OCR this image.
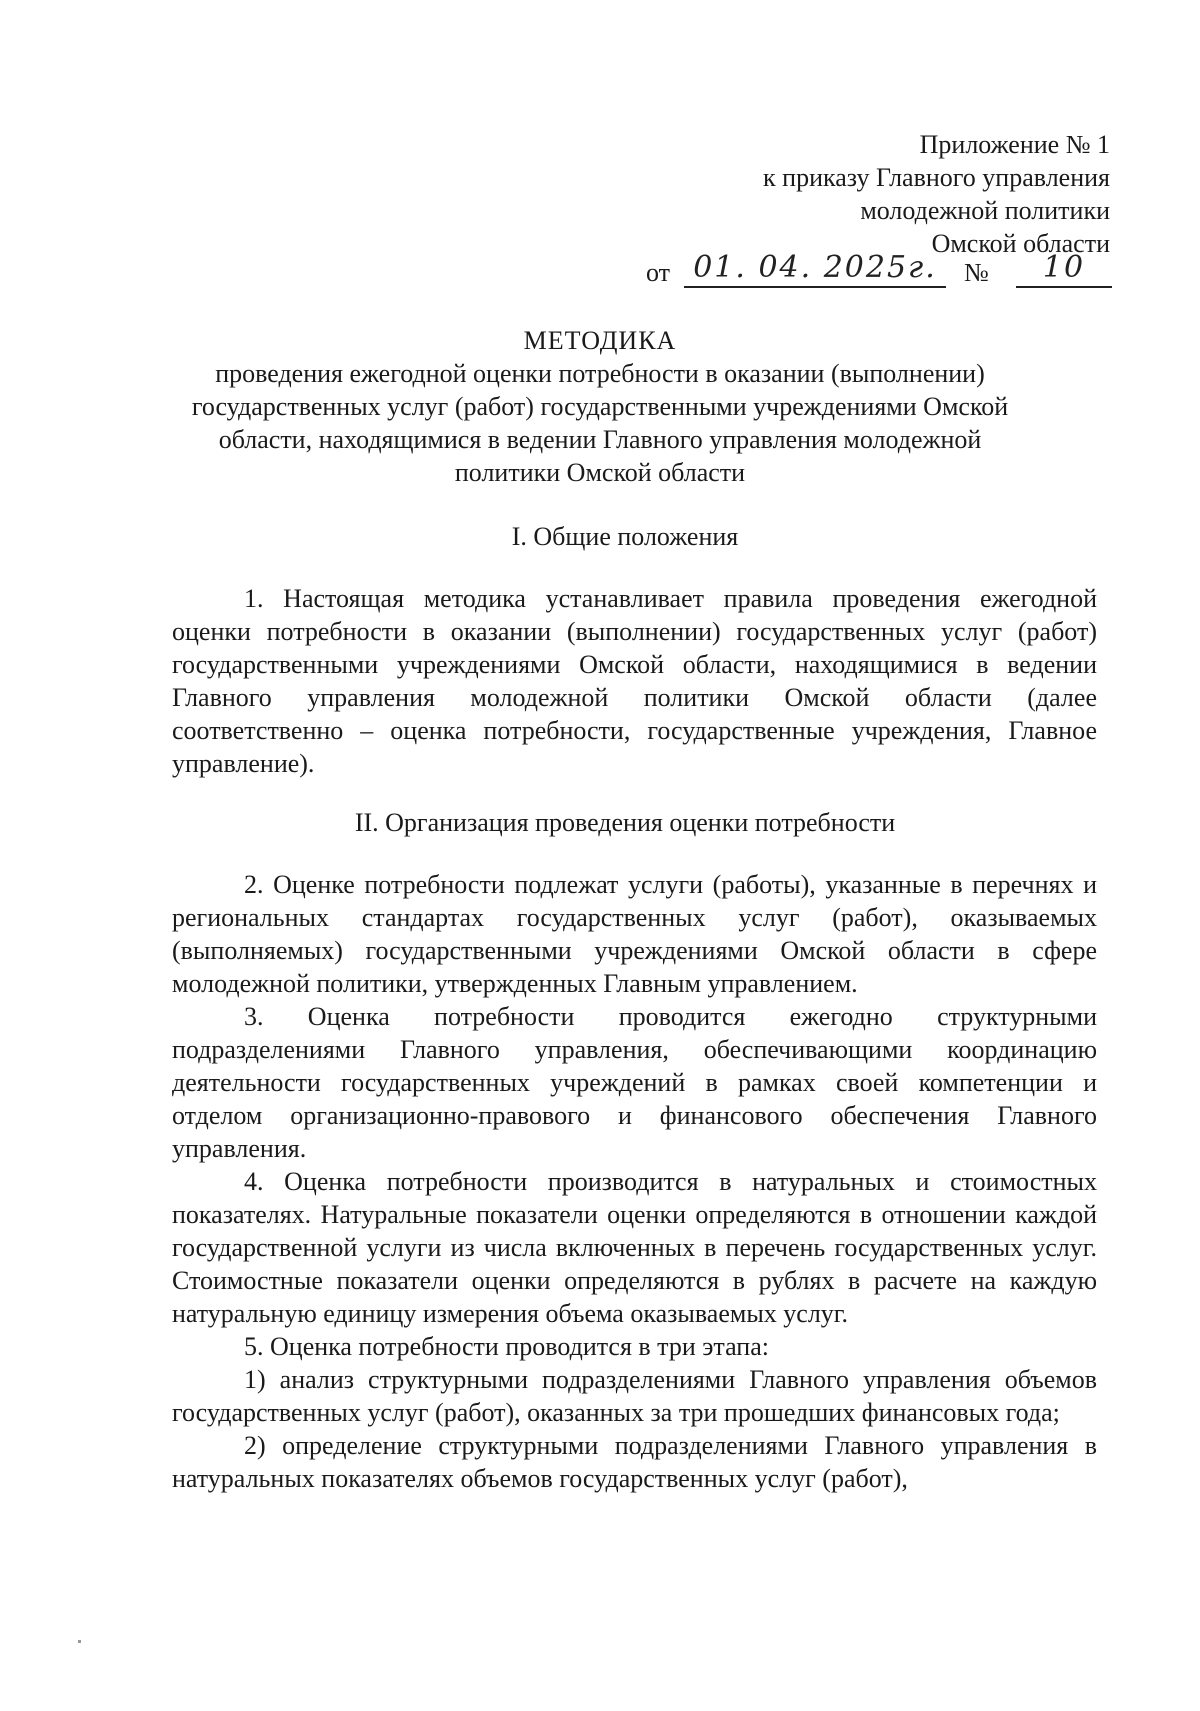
Приложение № 1
к приказу Главного управления
молодежной политики
Омской области
от 01. 04. 2025г.	№	10
МЕТОДИКА
проведения ежегодной оценки потребности в оказании (выполнении)
государственных услуг (работ) государственными учреждениями Омской
области, находящимися в ведении Главного управления молодежной
политики Омской области
I. Общие положения

1. Настоящая методика устанавливает правила проведения ежегодной оценки потребности в оказании (выполнении) государственных услуг (работ) государственными учреждениями Омской области, находящимися в ведении Главного управления молодежной политики Омской области (далее соответственно – оценка потребности, государственные учреждения, Главное управление).

II. Организация проведения оценки потребности

2. Оценке потребности подлежат услуги (работы), указанные в перечнях и региональных стандартах государственных услуг (работ), оказываемых (выполняемых) государственными учреждениями Омской области в сфере молодежной политики, утвержденных Главным управлением.

3. Оценка потребности проводится ежегодно структурными подразделениями Главного управления, обеспечивающими координацию деятельности государственных учреждений в рамках своей компетенции и отделом организационно-правового и финансового обеспечения Главного управления.

4. Оценка потребности производится в натуральных и стоимостных показателях. Натуральные показатели оценки определяются в отношении каждой государственной услуги из числа включенных в перечень государственных услуг. Стоимостные показатели оценки определяются в рублях в расчете на каждую натуральную единицу измерения объема оказываемых услуг.

5. Оценка потребности проводится в три этапа:

1) анализ структурными подразделениями Главного управления объемов государственных услуг (работ), оказанных за три прошедших финансовых года;

2) определение структурными подразделениями Главного управления в натуральных показателях объемов государственных услуг (работ),
